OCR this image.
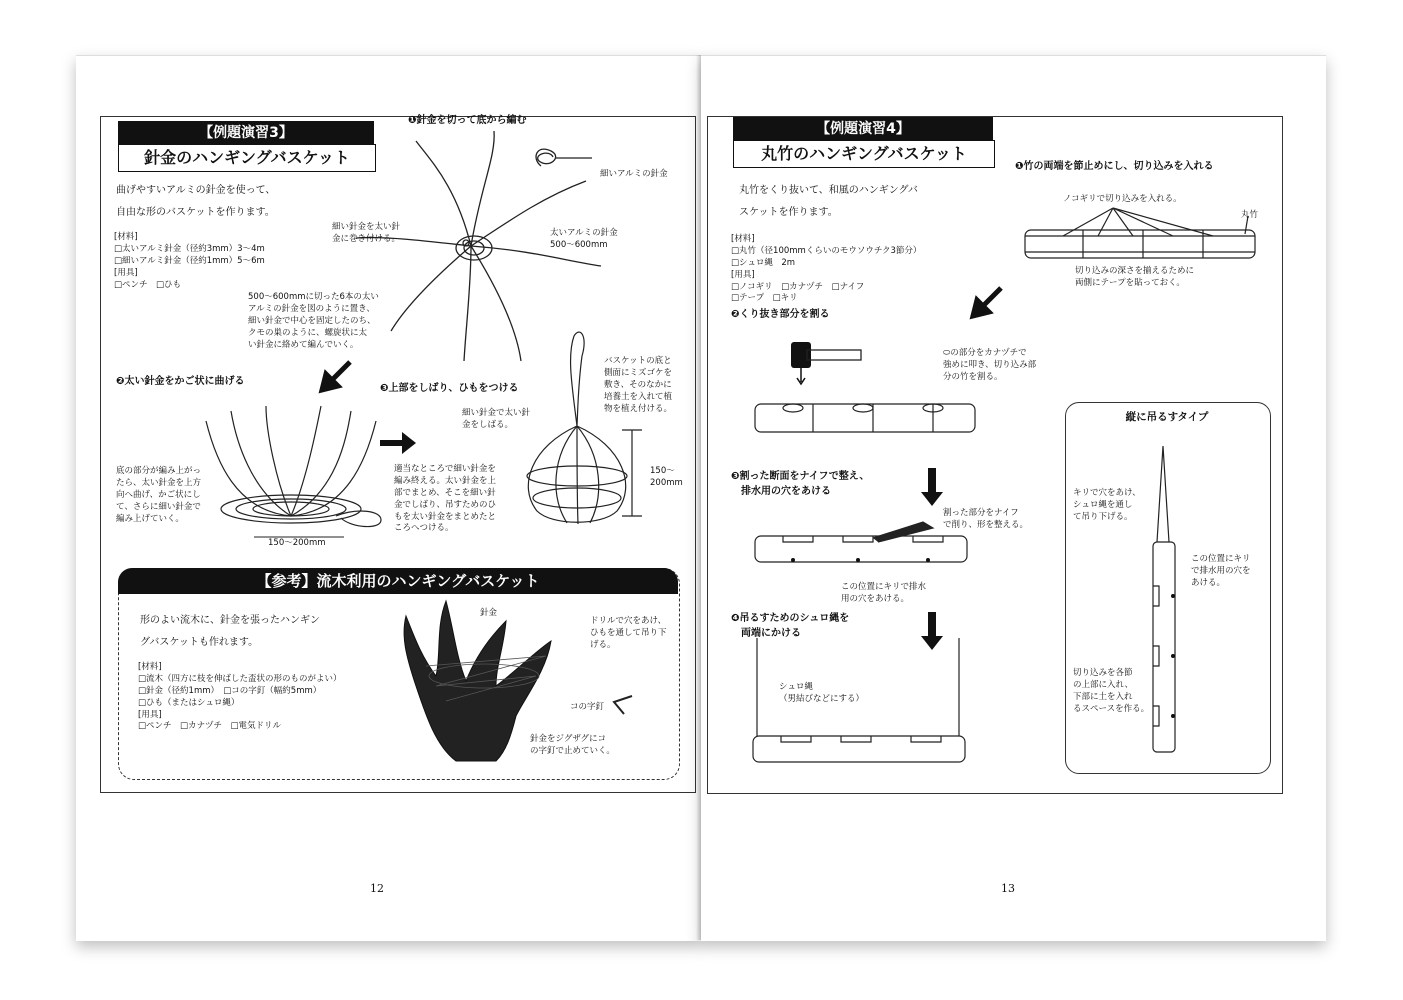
【例題演習3】
針金のハンギングバスケット
曲げやすいアルミの針金を使って、
自由な形のバスケットを作ります。
[材料]
□太いアルミ針金（径約3mm）3～4m
□細いアルミ針金（径約1mm）5～6m
[用具]
□ペンチ　□ひも
❶針金を切って底から編む
細いアルミの針金
細い針金を太い針
金に巻き付ける。
太いアルミの針金
500～600mm
500～600mmに切った6本の太い
アルミの針金を図のように置き、
細い針金で中心を固定したのち、
クモの巣のように、螺旋状に太
い針金に絡めて編んでいく。
❷太い針金をかご状に曲げる
底の部分が編み上がっ
たら、太い針金を上方
向へ曲げ、かご状にし
て、さらに細い針金で
編み上げていく。
150～200mm
❸上部をしばり、ひもをつける
細い針金で太い針
金をしばる。
150～
200mm
バスケットの底と
側面にミズゴケを
敷き、そのなかに
培養土を入れて植
物を植え付ける。
適当なところで細い針金を
編み終える。太い針金を上
部でまとめ、そこを細い針
金でしばり、吊すためのひ
もを太い針金をまとめたと
ころへつける。
【参考】流木利用のハンギングバスケット
形のよい流木に、針金を張ったハンギン
グバスケットも作れます。
[材料]
□流木（四方に枝を伸ばした盃状の形のものがよい）
□針金（径約1mm）　□コの字釘（幅約5mm）
□ひも（またはシュロ縄）
[用具]
□ペンチ　□カナヅチ　□電気ドリル
針金
ドリルで穴をあけ、
ひもを通して吊り下
げる。
コの字釘
針金をジグザグにコ
の字釘で止めていく。
12
【例題演習4】
丸竹のハンギングバスケット
丸竹をくり抜いて、和風のハンギングバ
スケットを作ります。
[材料]
□丸竹（径100mmくらいのモウソウチク3節分）
□シュロ縄　2m
[用具]
□ノコギリ　□カナヅチ　□ナイフ
□テープ　□キリ
❶竹の両端を節止めにし、切り込みを入れる
ノコギリで切り込みを入れる。
丸竹
切り込みの深さを揃えるために
両側にテープを貼っておく。
❷くり抜き部分を割る
⬭の部分をカナヅチで
強めに叩き、切り込み部
分の竹を割る。
❸割った断面をナイフで整え、
　排水用の穴をあける
割った部分をナイフ
で削り、形を整える。
この位置にキリで排水
用の穴をあける。
❹吊るすためのシュロ縄を
　両端にかける
シュロ縄
（男結びなどにする）
縦に吊るすタイプ
キリで穴をあけ、
シュロ縄を通し
て吊り下げる。
この位置にキリ
で排水用の穴を
あける。
切り込みを各節
の上部に入れ、
下部に土を入れ
るスペースを作る。
13
